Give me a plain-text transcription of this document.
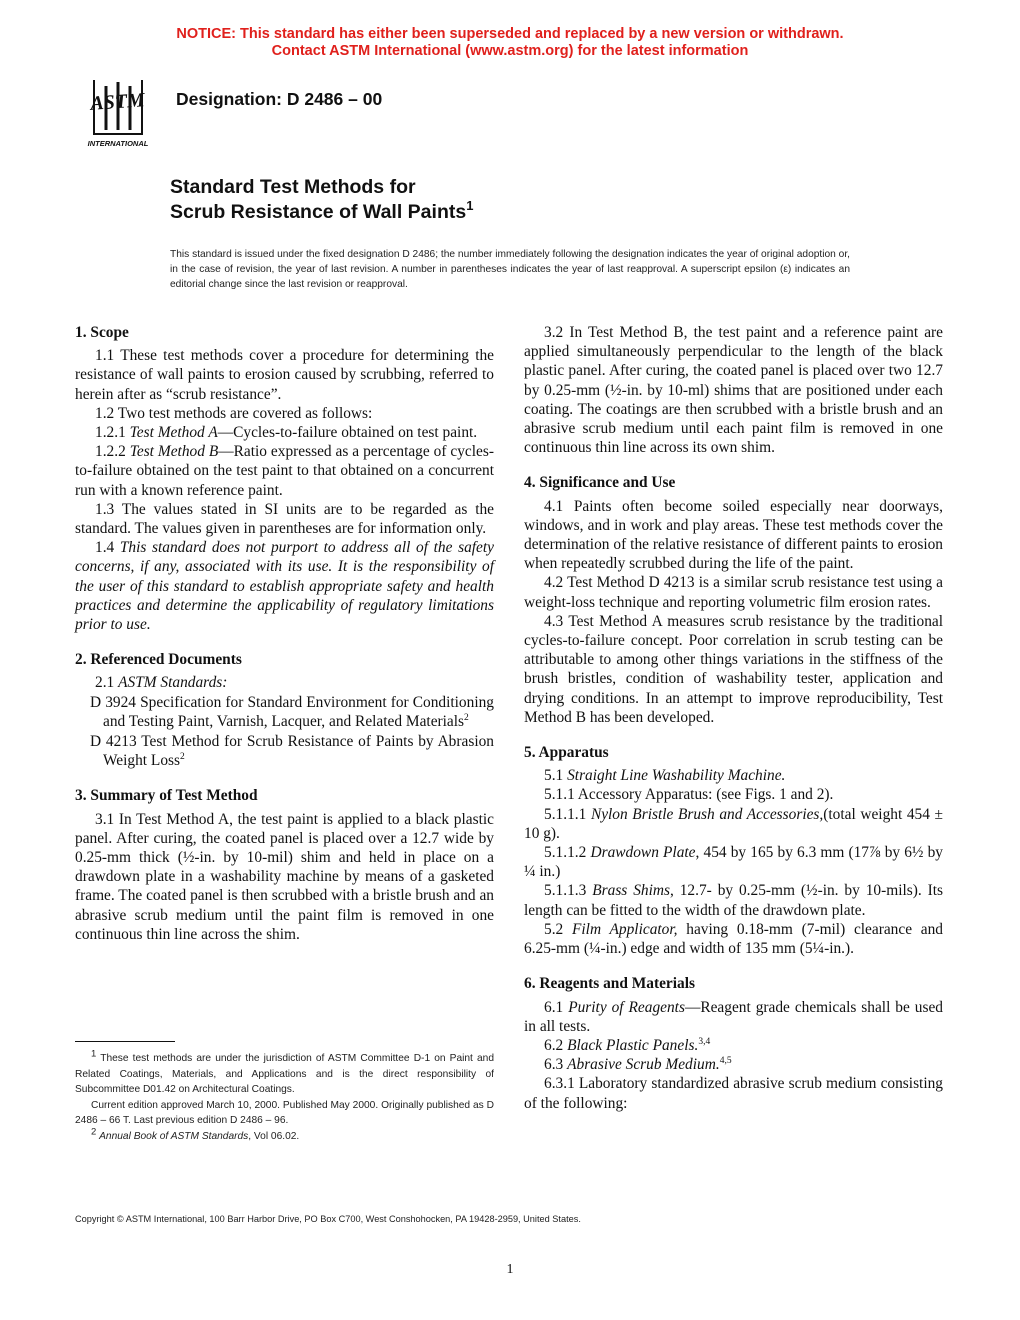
NOTICE: This standard has either been superseded and replaced by a new version or withdrawn.
Contact ASTM International (www.astm.org) for the latest information
ASTM
INTERNATIONAL
Designation: D 2486 – 00
Standard Test Methods for
Scrub Resistance of Wall Paints$^1$
This standard is issued under the fixed designation D 2486; the number immediately following the designation indicates the year of original adoption or, in the case of revision, the year of last revision. A number in parentheses indicates the year of last reapproval. A superscript epsilon (ε) indicates an editorial change since the last revision or reapproval.
1. Scope

1.1 These test methods cover a procedure for determining the resistance of wall paints to erosion caused by scrubbing, referred to herein after as “scrub resistance”.

1.2 Two test methods are covered as follows:

1.2.1 Test Method A—Cycles-to-failure obtained on test paint.

1.2.2 Test Method B—Ratio expressed as a percentage of cycles-to-failure obtained on the test paint to that obtained on a concurrent run with a known reference paint.

1.3 The values stated in SI units are to be regarded as the standard. The values given in parentheses are for information only.

1.4 This standard does not purport to address all of the safety concerns, if any, associated with its use. It is the responsibility of the user of this standard to establish appropriate safety and health practices and determine the applicability of regulatory limitations prior to use.

2. Referenced Documents

2.1 ASTM Standards:

D 3924 Specification for Standard Environment for Conditioning and Testing Paint, Varnish, Lacquer, and Related Materials$^2$

D 4213 Test Method for Scrub Resistance of Paints by Abrasion Weight Loss$^2$

3. Summary of Test Method

3.1 In Test Method A, the test paint is applied to a black plastic panel. After curing, the coated panel is placed over a 12.7 wide by 0.25-mm thick (½-in. by 10-mil) shim and held in place on a drawdown plate in a washability machine by means of a gasketed frame. The coated panel is then scrubbed with a bristle brush and an abrasive scrub medium until the paint film is removed in one continuous thin line across the shim.

3.2 In Test Method B, the test paint and a reference paint are applied simultaneously perpendicular to the length of the black plastic panel. After curing, the coated panel is placed over two 12.7 by 0.25-mm (½-in. by 10-ml) shims that are positioned under each coating. The coatings are then scrubbed with a bristle brush and an abrasive scrub medium until each paint film is removed in one continuous thin line across its own shim.

4. Significance and Use

4.1 Paints often become soiled especially near doorways, windows, and in work and play areas. These test methods cover the determination of the relative resistance of different paints to erosion when repeatedly scrubbed during the life of the paint.

4.2 Test Method D 4213 is a similar scrub resistance test using a weight-loss technique and reporting volumetric film erosion rates.

4.3 Test Method A measures scrub resistance by the traditional cycles-to-failure concept. Poor correlation in scrub testing can be attributable to among other things variations in the stiffness of the brush bristles, condition of washability tester, application and drying conditions. In an attempt to improve reproducibility, Test Method B has been developed.

5. Apparatus

5.1 Straight Line Washability Machine.

5.1.1 Accessory Apparatus: (see Figs. 1 and 2).

5.1.1.1 Nylon Bristle Brush and Accessories,(total weight 454 ± 10 g).

5.1.1.2 Drawdown Plate, 454 by 165 by 6.3 mm (17⅞ by 6½ by ¼ in.)

5.1.1.3 Brass Shims, 12.7- by 0.25-mm (½-in. by 10-mils). Its length can be fitted to the width of the drawdown plate.

5.2 Film Applicator, having 0.18-mm (7-mil) clearance and 6.25-mm (¼-in.) edge and width of 135 mm (5¼-in.).

6. Reagents and Materials

6.1 Purity of Reagents—Reagent grade chemicals shall be used in all tests.

6.2 Black Plastic Panels.$^{3,4}$

6.3 Abrasive Scrub Medium.$^{4,5}$

6.3.1 Laboratory standardized abrasive scrub medium consisting of the following:

$^1$ These test methods are under the jurisdiction of ASTM Committee D-1 on Paint and Related Coatings, Materials, and Applications and is the direct responsibility of Subcommittee D01.42 on Architectural Coatings.

Current edition approved March 10, 2000. Published May 2000. Originally published as D 2486 – 66 T. Last previous edition D 2486 – 96.

$^2$ Annual Book of ASTM Standards, Vol 06.02.

Copyright © ASTM International, 100 Barr Harbor Drive, PO Box C700, West Conshohocken, PA 19428-2959, United States.
1
